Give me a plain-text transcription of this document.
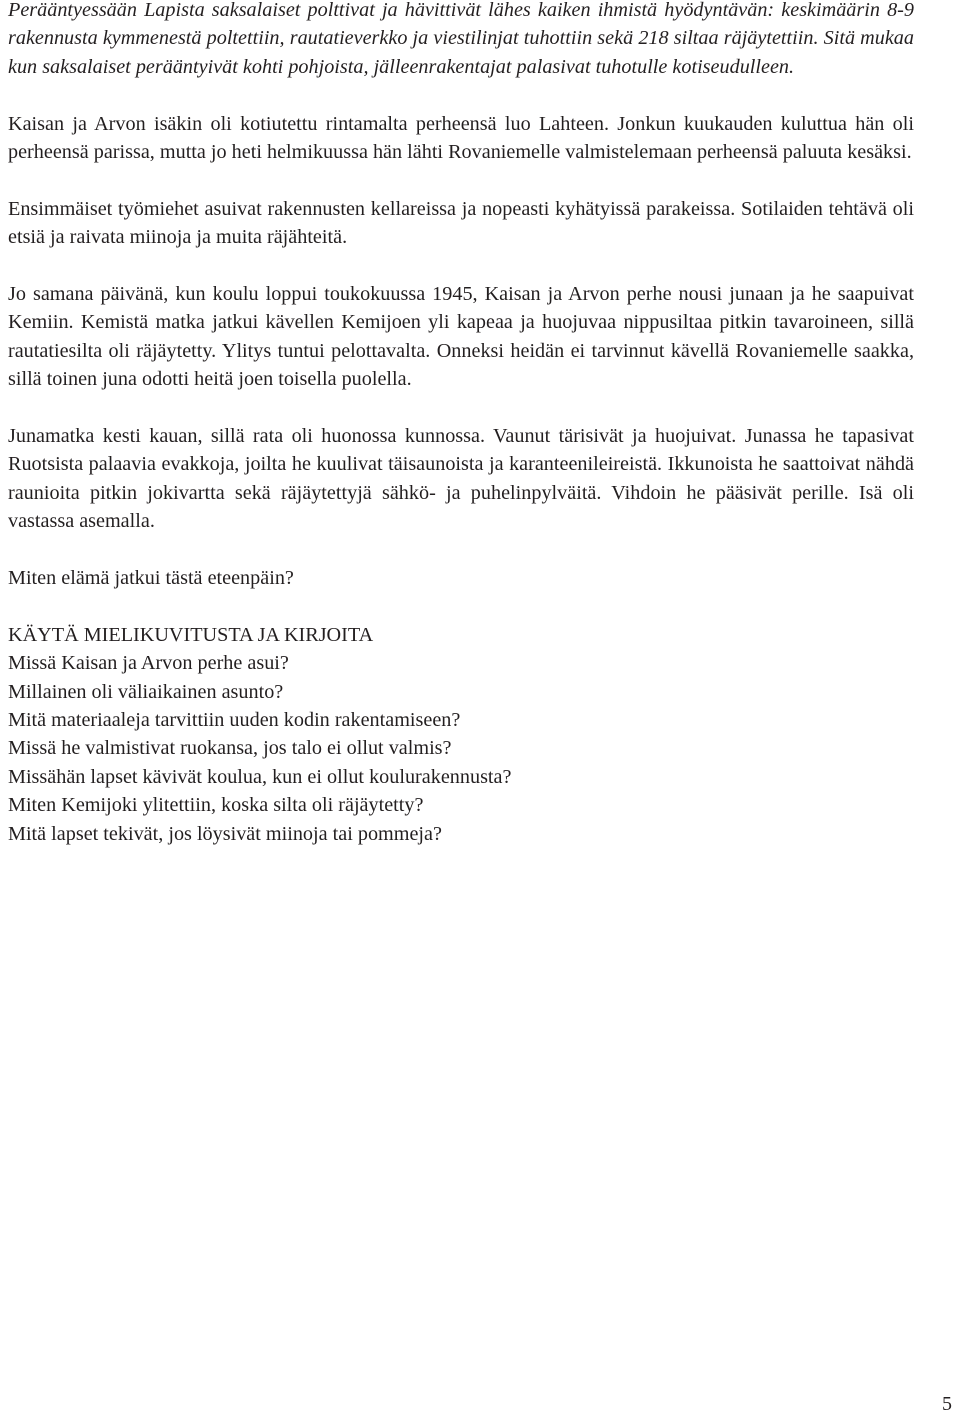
Perääntyessään Lapista saksalaiset polttivat ja hävittivät lähes kaiken ihmistä hyödyntävän: keskimäärin 8-9 rakennusta kymmenestä poltettiin, rautatieverkko ja viestilinjat tuhottiin sekä 218 siltaa räjäytettiin. Sitä mukaa kun saksalaiset perääntyivät kohti pohjoista, jälleenrakentajat palasivat tuhotulle kotiseudulleen.

Kaisan ja Arvon isäkin oli kotiutettu rintamalta perheensä luo Lahteen. Jonkun kuukauden kuluttua hän oli perheensä parissa, mutta jo heti helmikuussa hän lähti Rovaniemelle valmistelemaan perheensä paluuta kesäksi.

Ensimmäiset työmiehet asuivat rakennusten kellareissa ja nopeasti kyhätyissä parakeissa. Sotilaiden tehtävä oli etsiä ja raivata miinoja ja muita räjähteitä.

Jo samana päivänä, kun koulu loppui toukokuussa 1945, Kaisan ja Arvon perhe nousi junaan ja he saapuivat Kemiin. Kemistä matka jatkui kävellen Kemijoen yli kapeaa ja huojuvaa nippusiltaa pitkin tavaroineen, sillä rautatiesilta oli räjäytetty. Ylitys tuntui pelottavalta. Onneksi heidän ei tarvinnut kävellä Rovaniemelle saakka, sillä toinen juna odotti heitä joen toisella puolella.

Junamatka kesti kauan, sillä rata oli huonossa kunnossa. Vaunut tärisivät ja huojuivat. Junassa he tapasivat Ruotsista palaavia evakkoja, joilta he kuulivat täisaunoista ja karanteenileireistä. Ikkunoista he saattoivat nähdä raunioita pitkin jokivartta sekä räjäytettyjä sähkö- ja puhelinpylväitä. Vihdoin he pääsivät perille. Isä oli vastassa asemalla.

Miten elämä jatkui tästä eteenpäin?

KÄYTÄ MIELIKUVITUSTA JA KIRJOITA
Missä Kaisan ja Arvon perhe asui?
Millainen oli väliaikainen asunto?
Mitä materiaaleja tarvittiin uuden kodin rakentamiseen?
Missä he valmistivat ruokansa, jos talo ei ollut valmis?
Missähän lapset kävivät koulua, kun ei ollut koulurakennusta?
Miten Kemijoki ylitettiin, koska silta oli räjäytetty?
Mitä lapset tekivät, jos löysivät miinoja tai pommeja?
5
